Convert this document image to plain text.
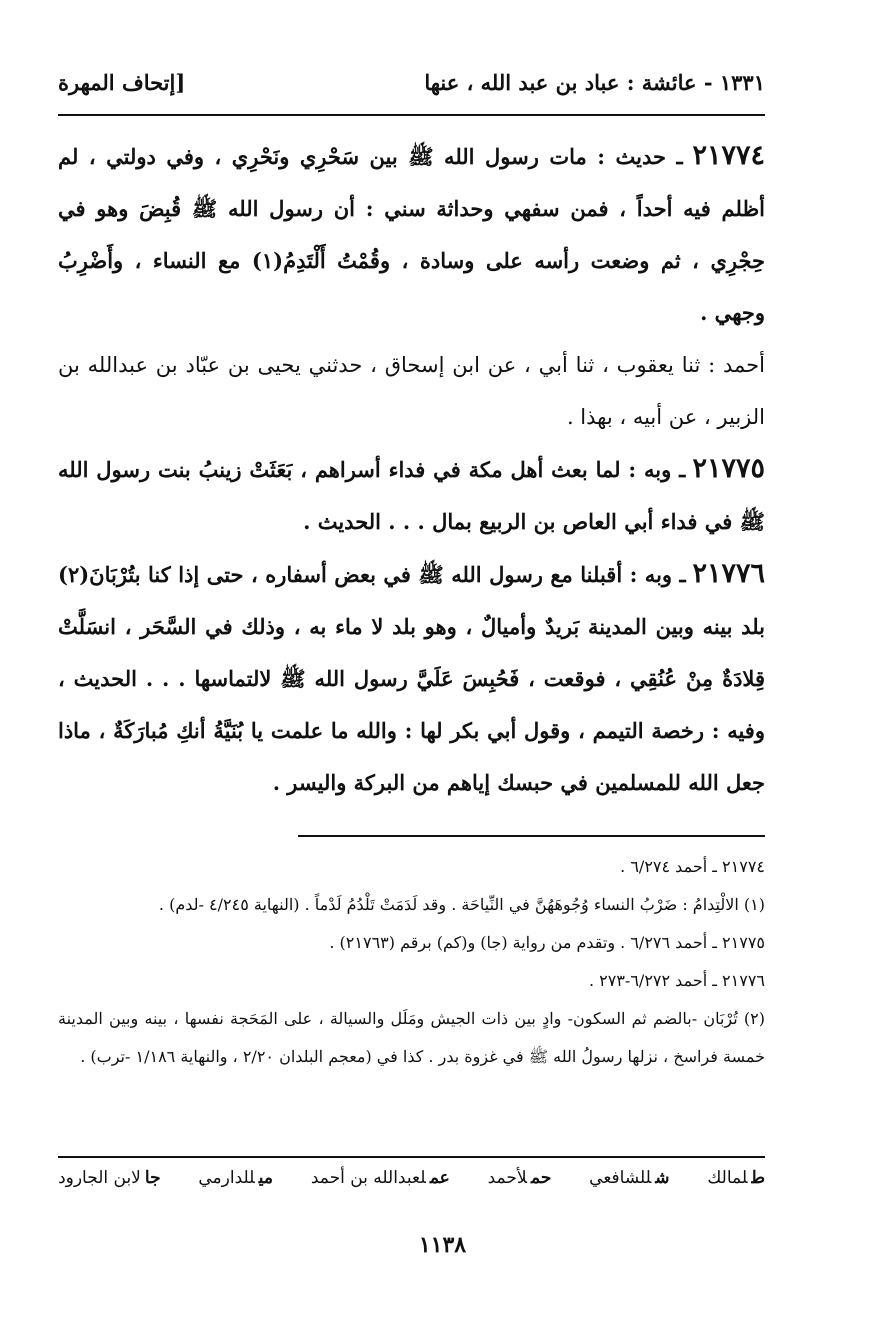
١٣٣١ - عائشة : عباد بن عبد الله ، عنها
[إتحاف المهرة

٢١٧٧٤ ـ حديث : مات رسول الله ﷺ بين سَحْرِي ونَحْرِي ، وفي دولتي ، لم أظلم فيه أحداً ، فمن سفهي وحداثة سني : أن رسول الله ﷺ قُبِضَ وهو في حِجْرِي ، ثم وضعت رأسه على وسادة ، وقُمْتُ أَلْتَدِمُ(١) مع النساء ، وأَضْرِبُ وجهي .

أحمد : ثنا يعقوب ، ثنا أبي ، عن ابن إسحاق ، حدثني يحيى بن عبّاد بن عبدالله بن الزبير ، عن أبيه ، بهذا .

٢١٧٧٥ ـ وبه : لما بعث أهل مكة في فداء أسراهم ، بَعَثَتْ زينبُ بنت رسول الله ﷺ في فداء أبي العاص بن الربيع بمال . . . الحديث .

٢١٧٧٦ ـ وبه : أقبلنا مع رسول الله ﷺ في بعض أسفاره ، حتى إذا كنا بتُرْبَانَ(٢) بلد بينه وبين المدينة بَريدٌ وأميالٌ ، وهو بلد لا ماء به ، وذلك في السَّحَر ، انسَلَّتْ قِلادَةٌ مِنْ عُنُقِي ، فوقعت ، فَحُبِسَ عَلَيَّ رسول الله ﷺ لالتماسها . . . الحديث ، وفيه : رخصة التيمم ، وقول أبي بكر لها : والله ما علمت يا بُنَيَّةُ أنكِ مُبارَكَةٌ ، ماذا جعل الله للمسلمين في حبسك إياهم من البركة واليسر .

٢١٧٧٤ ـ أحمد ٦/٢٧٤ .

(١) الالْتِدامُ : ضَرْبُ النساء وُجُوهَهُنَّ في النِّياحَة . وقد لَدَمَتْ تَلْدُمُ لَدْماً . (النهاية ٤/٢٤٥ -لدم) .

٢١٧٧٥ ـ أحمد ٦/٢٧٦ . وتقدم من رواية (جا) و(كم) برقم (٢١٧٦٣) .

٢١٧٧٦ ـ أحمد ٦/٢٧٢-٢٧٣ .

(٢) تُرْبَان -بالضم ثم السكون- وادٍ بين ذات الجيش ومَلَل والسيالة ، على المَحَجة نفسها ، بينه وبين المدينة خمسة فراسخ ، نزلها رسولُ الله ﷺ في غزوة بدر . كذا في (معجم البلدان ٢/٢٠ ، والنهاية ١/١٨٦ -ترب) .

طلمالك
شللشافعي
حملأحمد
عملعبدالله بن أحمد
ميللدارمي
جالابن الجارود
١١٣٨
